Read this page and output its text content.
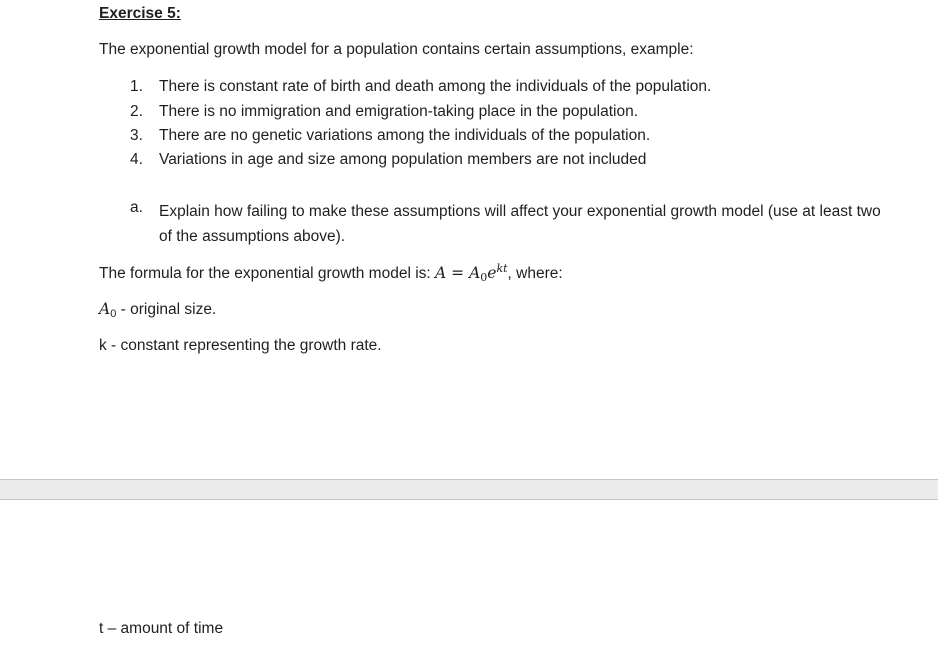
Exercise 5:
The exponential growth model for a population contains certain assumptions, example:
1. There is constant rate of birth and death among the individuals of the population.
2. There is no immigration and emigration-taking place in the population.
3. There are no genetic variations among the individuals of the population.
4. Variations in age and size among population members are not included
a. Explain how failing to make these assumptions will affect your exponential growth model (use at least two of the assumptions above).
The formula for the exponential growth model is: $A = A_0e^{kt}$, where:
$A_0$ - original size.
k - constant representing the growth rate.
t – amount of time
